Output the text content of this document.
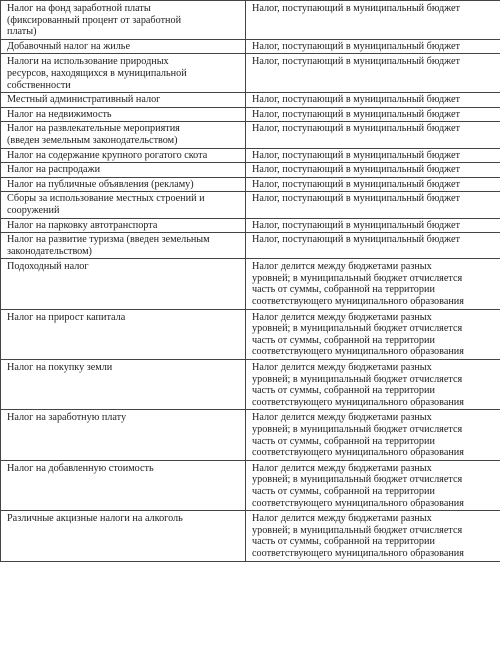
Налог на фонд заработной платы
(фиксированный процент от заработной
платы)	Налог, поступающий в муниципальный бюджет
Добавочный налог на жилье	Налог, поступающий в муниципальный бюджет
Налоги на использование природных
ресурсов, находящихся в муниципальной
собственности	Налог, поступающий в муниципальный бюджет
Местный административный налог	Налог, поступающий в муниципальный бюджет
Налог на недвижимость	Налог, поступающий в муниципальный бюджет
Налог на развлекательные мероприятия
(введен земельным законодательством)	Налог, поступающий в муниципальный бюджет
Налог на содержание крупного рогатого скота	Налог, поступающий в муниципальный бюджет
Налог на распродажи	Налог, поступающий в муниципальный бюджет
Налог на публичные объявления (рекламу)	Налог, поступающий в муниципальный бюджет
Сборы за использование местных строений и
сооружений	Налог, поступающий в муниципальный бюджет
Налог на парковку автотранспорта	Налог, поступающий в муниципальный бюджет
Налог на развитие туризма (введен земельным
законодательством)	Налог, поступающий в муниципальный бюджет
Подоходный налог	Налог делится между бюджетами разных
уровней; в муниципальный бюджет отчисляется
часть от суммы, собранной на территории
соответствующего муниципального образования
Налог на прирост капитала	Налог делится между бюджетами разных
уровней; в муниципальный бюджет отчисляется
часть от суммы, собранной на территории
соответствующего муниципального образования
Налог на покупку земли	Налог делится между бюджетами разных
уровней; в муниципальный бюджет отчисляется
часть от суммы, собранной на территории
соответствующего муниципального образования
Налог на заработную плату	Налог делится между бюджетами разных
уровней; в муниципальный бюджет отчисляется
часть от суммы, собранной на территории
соответствующего муниципального образования
Налог на добавленную стоимость	Налог делится между бюджетами разных
уровней; в муниципальный бюджет отчисляется
часть от суммы, собранной на территории
соответствующего муниципального образования
Различные акцизные налоги на алкоголь	Налог делится между бюджетами разных
уровней; в муниципальный бюджет отчисляется
часть от суммы, собранной на территории
соответствующего муниципального образования
